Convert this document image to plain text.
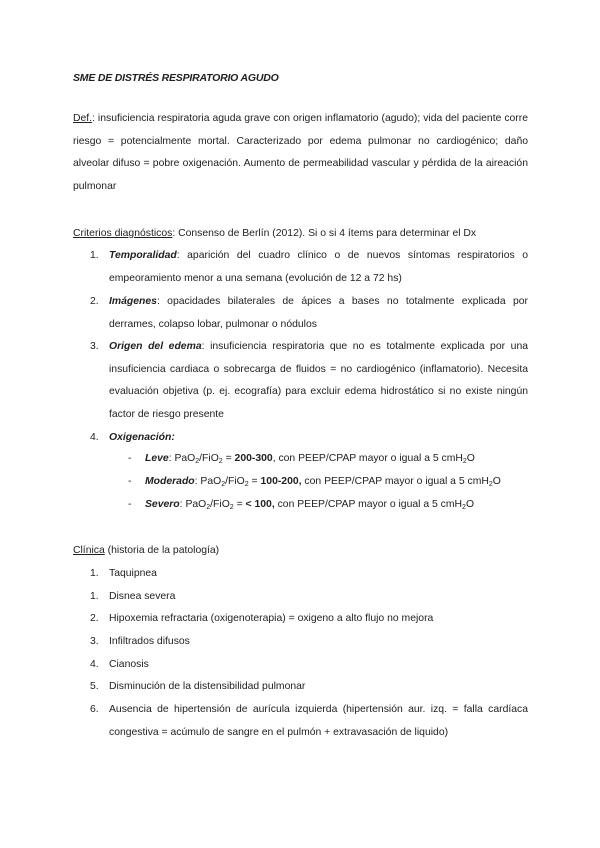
SME DE DISTRÉS RESPIRATORIO AGUDO
Def.: insuficiencia respiratoria aguda grave con origen inflamatorio (agudo); vida del paciente corre riesgo = potencialmente mortal. Caracterizado por edema pulmonar no cardiogénico; daño alveolar difuso = pobre oxigenación. Aumento de permeabilidad vascular y pérdida de la aireación pulmonar
Criterios diagnósticos: Consenso de Berlín (2012). Si o si 4 ítems para determinar el Dx
1. Temporalidad: aparición del cuadro clínico o de nuevos síntomas respiratorios o empeoramiento menor a una semana (evolución de 12 a 72 hs)
2. Imágenes: opacidades bilaterales de ápices a bases no totalmente explicada por derrames, colapso lobar, pulmonar o nódulos
3. Origen del edema: insuficiencia respiratoria que no es totalmente explicada por una insuficiencia cardiaca o sobrecarga de fluidos = no cardiogénico (inflamatorio). Necesita evaluación objetiva (p. ej. ecografía) para excluir edema hidrostático si no existe ningún factor de riesgo presente
4. Oxigenación:
- Leve: PaO$_2$/FiO$_2$ = 200-300, con PEEP/CPAP mayor o igual a 5 cmH$_2$O
- Moderado: PaO$_2$/FiO$_2$ = 100-200, con PEEP/CPAP mayor o igual a 5 cmH$_2$O
- Severo: PaO$_2$/FiO$_2$ = < 100, con PEEP/CPAP mayor o igual a 5 cmH$_2$O
Clínica (historia de la patología)
1. Taquipnea
1. Disnea severa
2. Hipoxemia refractaria (oxigenoterapia) = oxigeno a alto flujo no mejora
3. Infiltrados difusos
4. Cianosis
5. Disminución de la distensibilidad pulmonar
6. Ausencia de hipertensión de aurícula izquierda (hipertensión aur. izq. = falla cardíaca congestiva = acúmulo de sangre en el pulmón + extravasación de liquido)
